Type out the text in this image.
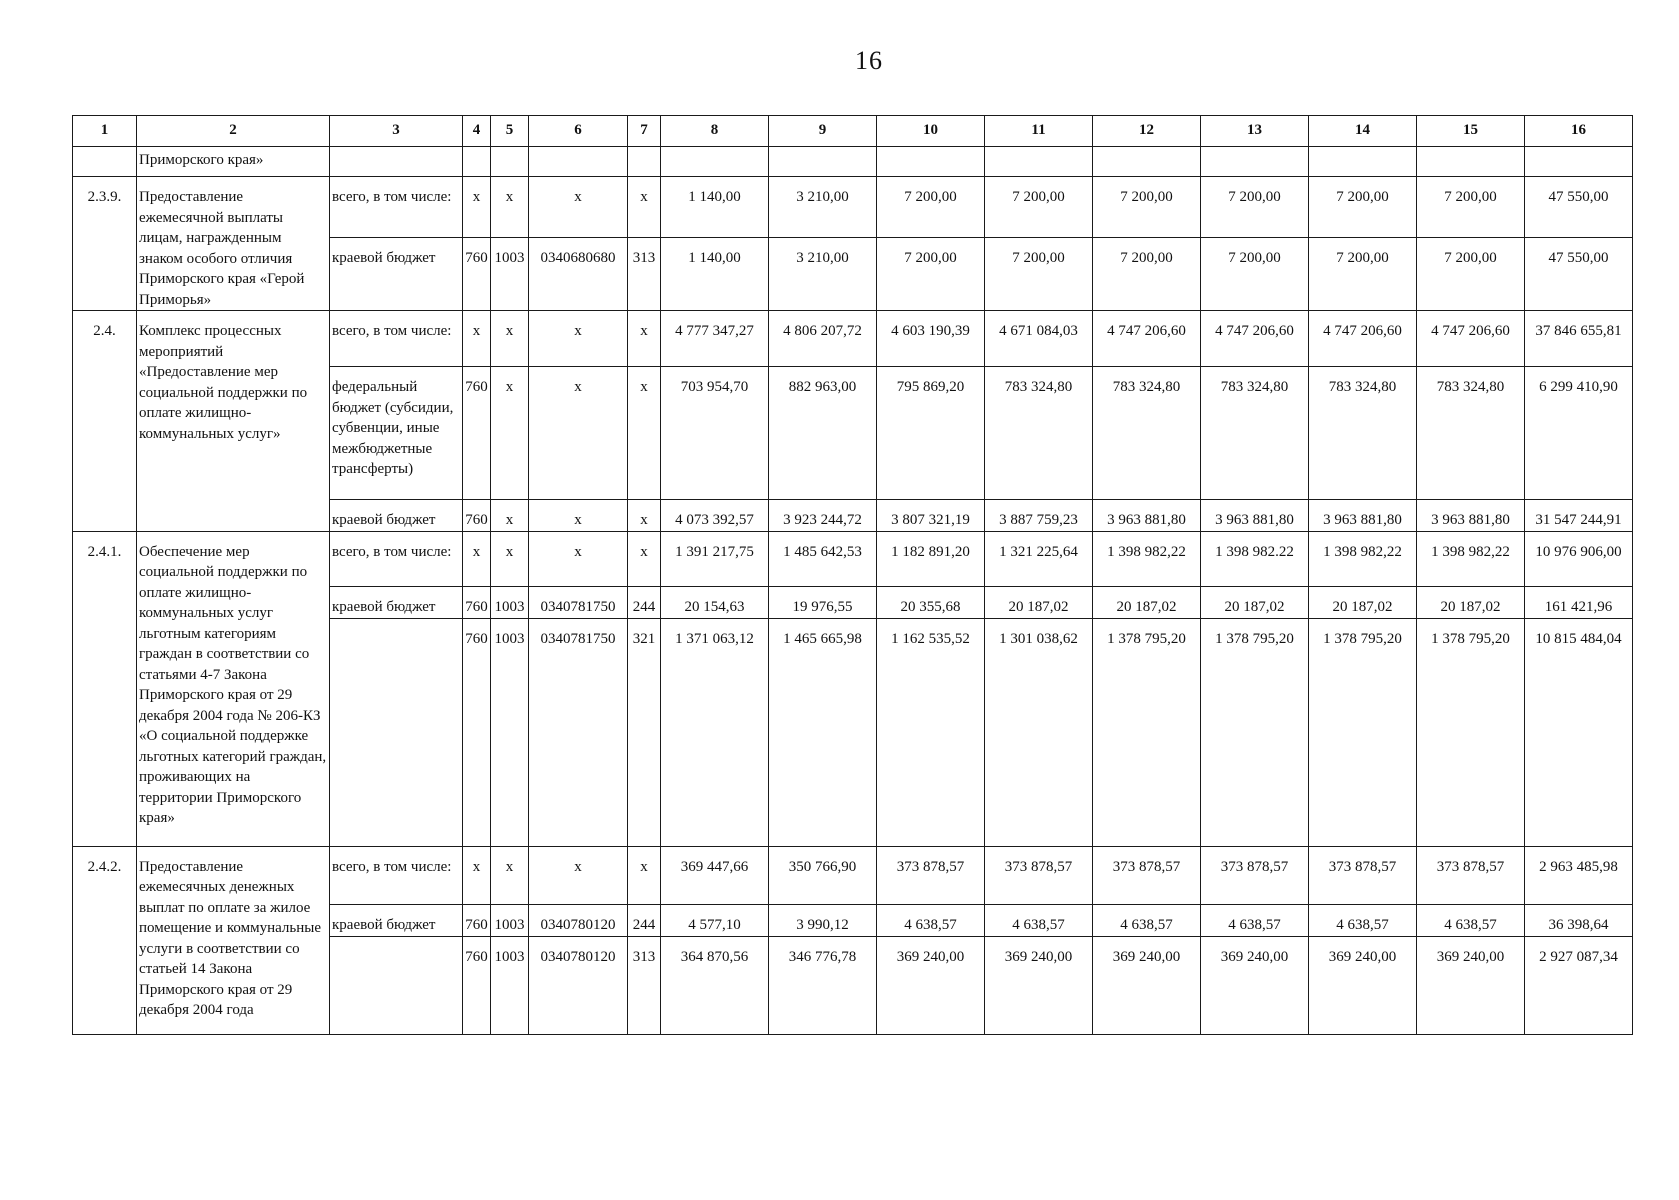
16
1	2	3	4	5	6	7	8	9	10	11	12	13	14	15	16
	Приморского края»														
2.3.9.	Предоставление ежемесячной выплаты лицам, награжденным знаком особого отличия Приморского края «Герой Приморья»	всего, в том числе:	x	x	x	x	1 140,00	3 210,00	7 200,00	7 200,00	7 200,00	7 200,00	7 200,00	7 200,00	47 550,00
		краевой бюджет	760	1003	0340680680	313	1 140,00	3 210,00	7 200,00	7 200,00	7 200,00	7 200,00	7 200,00	7 200,00	47 550,00
2.4.	Комплекс процессных мероприятий «Предоставление мер социальной поддержки по оплате жилищно-коммунальных услуг»	всего, в том числе:	x	x	x	x	4 777 347,27	4 806 207,72	4 603 190,39	4 671 084,03	4 747 206,60	4 747 206,60	4 747 206,60	4 747 206,60	37 846 655,81
		федеральный бюджет (субсидии, субвенции, иные межбюджетные трансферты)	760	x	x	x	703 954,70	882 963,00	795 869,20	783 324,80	783 324,80	783 324,80	783 324,80	783 324,80	6 299 410,90
		краевой бюджет	760	x	x	x	4 073 392,57	3 923 244,72	3 807 321,19	3 887 759,23	3 963 881,80	3 963 881,80	3 963 881,80	3 963 881,80	31 547 244,91
2.4.1.	Обеспечение мер социальной поддержки по оплате жилищно-коммунальных услуг льготным категориям граждан в соответствии со статьями 4-7 Закона Приморского края от 29 декабря 2004 года № 206-КЗ «О социальной поддержке льготных категорий граждан, проживающих на территории Приморского края»	всего, в том числе:	x	x	x	x	1 391 217,75	1 485 642,53	1 182 891,20	1 321 225,64	1 398 982,22	1 398 982.22	1 398 982,22	1 398 982,22	10 976 906,00
		краевой бюджет	760	1003	0340781750	244	20 154,63	19 976,55	20 355,68	20 187,02	20 187,02	20 187,02	20 187,02	20 187,02	161 421,96
			760	1003	0340781750	321	1 371 063,12	1 465 665,98	1 162 535,52	1 301 038,62	1 378 795,20	1 378 795,20	1 378 795,20	1 378 795,20	10 815 484,04
2.4.2.	Предоставление ежемесячных денежных выплат по оплате за жилое помещение и коммунальные услуги в соответствии со статьей 14 Закона Приморского края от 29 декабря 2004 года	всего, в том числе:	x	x	x	x	369 447,66	350 766,90	373 878,57	373 878,57	373 878,57	373 878,57	373 878,57	373 878,57	2 963 485,98
		краевой бюджет	760	1003	0340780120	244	4 577,10	3 990,12	4 638,57	4 638,57	4 638,57	4 638,57	4 638,57	4 638,57	36 398,64
			760	1003	0340780120	313	364 870,56	346 776,78	369 240,00	369 240,00	369 240,00	369 240,00	369 240,00	369 240,00	2 927 087,34
